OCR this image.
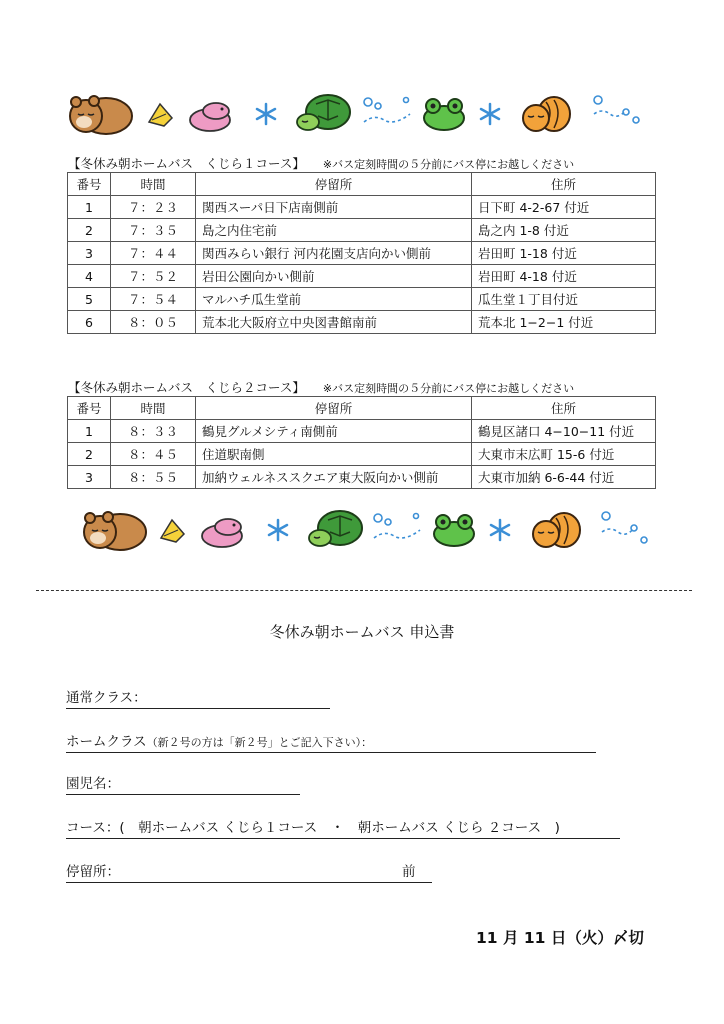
【冬休み朝ホームバス　くじら１コース】 ※バス定刻時間の５分前にバス停にお越しください
番号	時間	停留所	住所
1	７：２３	関西スーパ日下店南側前	日下町 4-2-67 付近
2	７：３５	島之内住宅前	島之内 1-8 付近
3	７：４４	関西みらい銀行 河内花園支店向かい側前	岩田町 1-18 付近
4	７：５２	岩田公園向かい側前	岩田町 4-18 付近
5	７：５４	マルハチ瓜生堂前	瓜生堂１丁目付近
6	８：０５	荒本北大阪府立中央図書館南前	荒本北 1−2−1 付近
【冬休み朝ホームバス　くじら２コース】 ※バス定刻時間の５分前にバス停にお越しください
番号	時間	停留所	住所
1	８：３３	鶴見グルメシティ南側前	鶴見区諸口 4−10−11 付近
2	８：４５	住道駅南側	大東市末広町 15-6 付近
3	８：５５	加納ウェルネススクエア東大阪向かい側前	大東市加納 6-6-44 付近
冬休み朝ホームバス 申込書
通常クラス：
ホームクラス（新２号の方は「新２号」とご記入下さい）：
園児名：
コース：(　朝ホームバス くじら１コース　・　朝ホームバス くじら ２コース　)
停留所：	前
11 月 11 日（火）〆切
